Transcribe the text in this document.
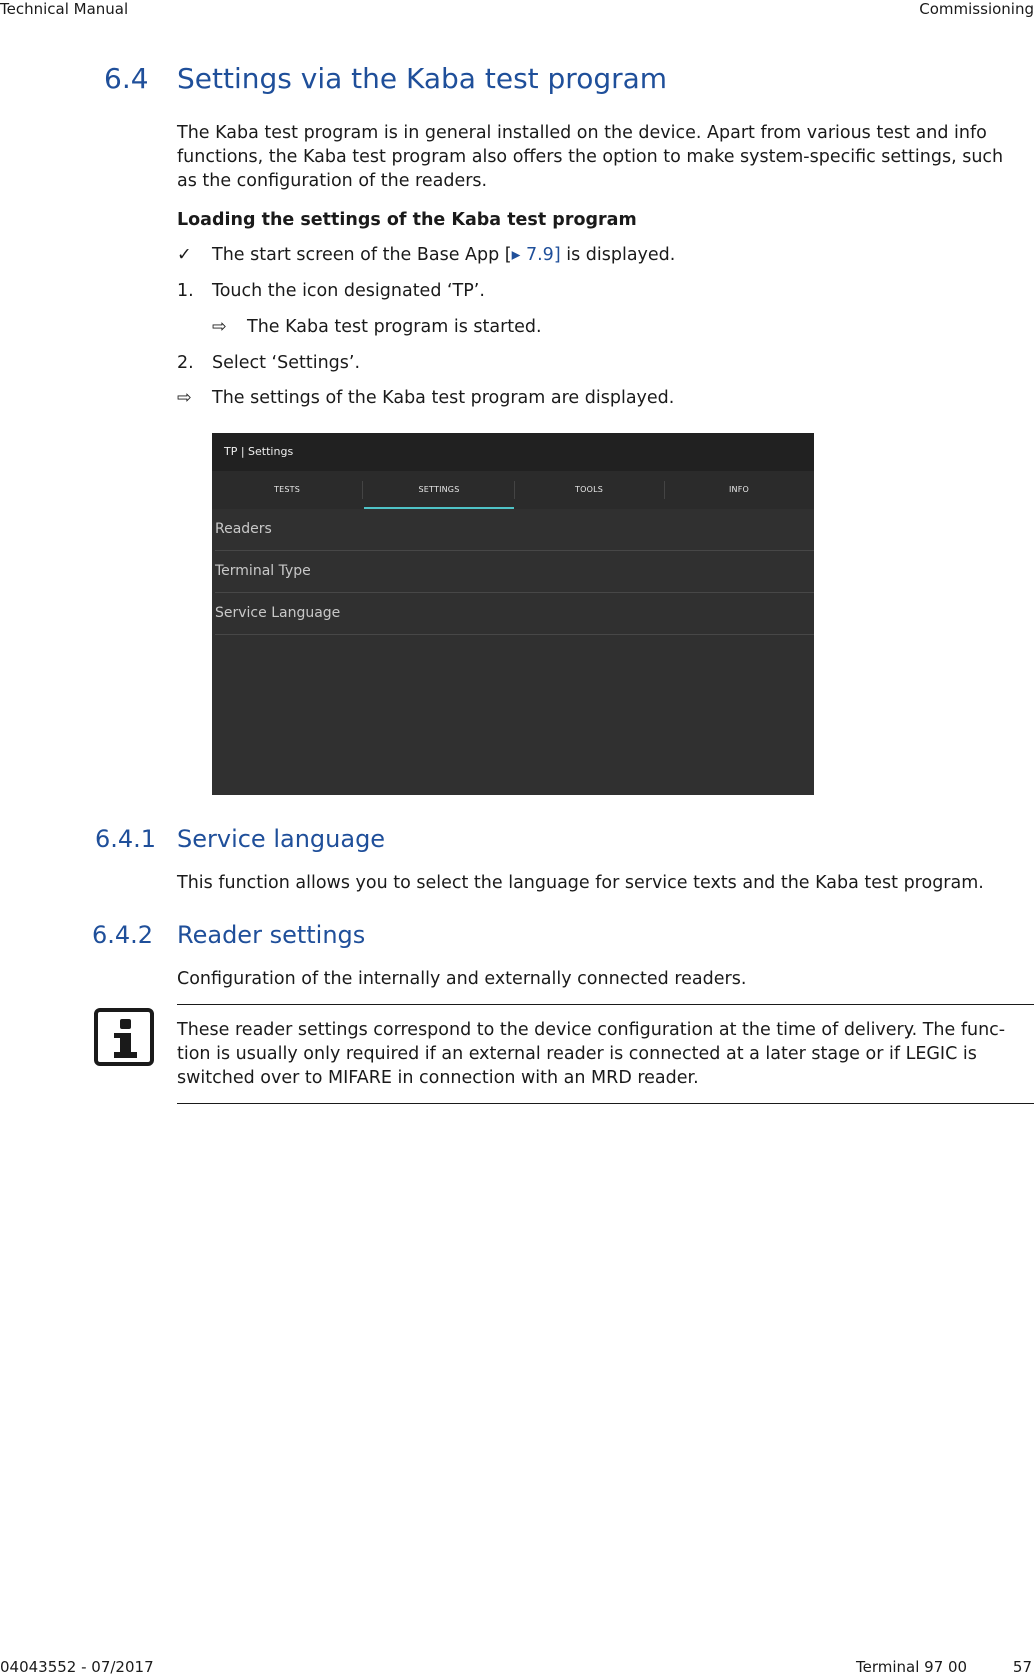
Technical Manual	Commissioning
6.4 Settings via the Kaba test program

The Kaba test program is in general installed on the device. Apart from various test and info functions, the Kaba test program also offers the option to make system-specific settings, such as the configuration of the readers.

Loading the settings of the Kaba test program

✓ The start screen of the Base App [▸ 7.9] is displayed.
1. Touch the icon designated ‘TP’.
⇨ The Kaba test program is started.
2. Select ‘Settings’.
⇨ The settings of the Kaba test program are displayed.
TP | Settings
TESTS	SETTINGS	TOOLS	INFO
Readers
Terminal Type
Service Language
6.4.1 Service language

This function allows you to select the language for service texts and the Kaba test program.

6.4.2 Reader settings

Configuration of the internally and externally connected readers.

These reader settings correspond to the device configuration at the time of delivery. The func-tion is usually only required if an external reader is connected at a later stage or if LEGIC is switched over to MIFARE in connection with an MRD reader.

04043552 - 07/2017	Terminal 97 00	57
